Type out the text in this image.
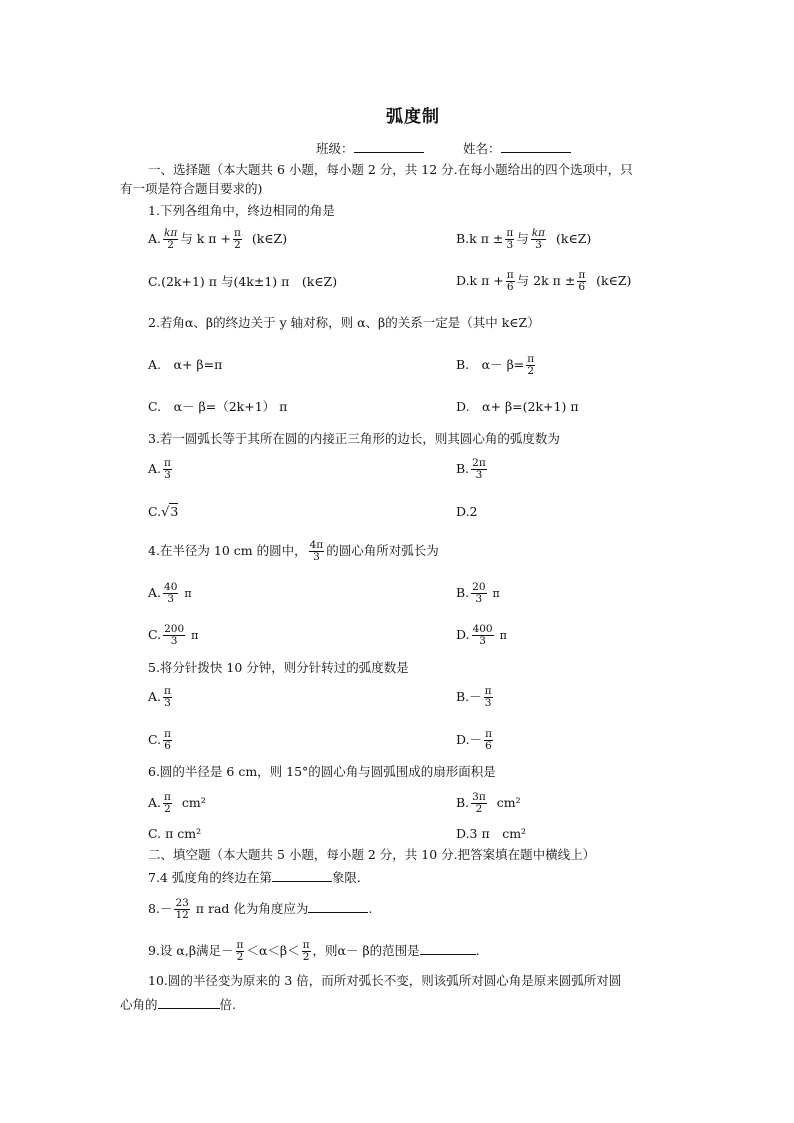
弧度制
班级：	姓名：
一、选择题（本大题共 6 小题，每小题 2 分，共 12 分.在每小题给出的四个选项中，只
有一项是符合题目要求的)
1.下列各组角中，终边相同的角是
A. $\frac{k\pi}{2}$ 与 k $\pi + \frac{\pi}{2}$ (k∈Z)	B.k $\pi \pm \frac{\pi}{3}$ 与 $\frac{k\pi}{3}$ (k∈Z)
C.(2k+1) π 与(4k±1) π　(k∈Z)	D.k $\pi + \frac{\pi}{6}$ 与 2k $\pi \pm \frac{\pi}{6}$ (k∈Z)
2.若角α、β的终边关于 y 轴对称，则 α、β的关系一定是（其中 k∈Z）
A.　α+ β=π	B.　$\alpha- \beta= \frac{\pi}{2}$
C.　α－ β=（2k+1） π	D.　α+ β=(2k+1) π
3.若一圆弧长等于其所在圆的内接正三角形的边长，则其圆心角的弧度数为
A. $\frac{\pi}{3}$	B. $\frac{2\pi}{3}$
C.√3	D.2
4.在半径为 10 cm 的圆中， $\frac{4\pi}{3}$ 的圆心角所对弧长为
A. $\frac{40}{3}$ π	B. $\frac{20}{3}$ π
C. $\frac{200}{3}$ π	D. $\frac{400}{3}$ π
5.将分针拨快 10 分钟，则分针转过的弧度数是
A. $\frac{\pi}{3}$	$B.- \frac{\pi}{3}$
C. $\frac{\pi}{6}$	$D.- \frac{\pi}{6}$
6.圆的半径是 6 cm，则 15°的圆心角与圆弧围成的扇形面积是
A. $\frac{\pi}{2} cm^2$	B. $\frac{3\pi}{2} cm^2$
C. π cm²	D.3 π　cm²
二、填空题（本大题共 5 小题，每小题 2 分，共 10 分.把答案填在题中横线上）
7.4 弧度角的终边在第	象限.
$8.- \frac{23}{12}$ π rad 化为角度应为	.
9.设 α,β满足－ $\frac{\pi}{2} <\alpha<\beta< \frac{\pi}{2}$ ，则α－ β的范围是	.
10.圆的半径变为原来的 3 倍，而所对弧长不变，则该弧所对圆心角是原来圆弧所对圆
心角的	倍.
